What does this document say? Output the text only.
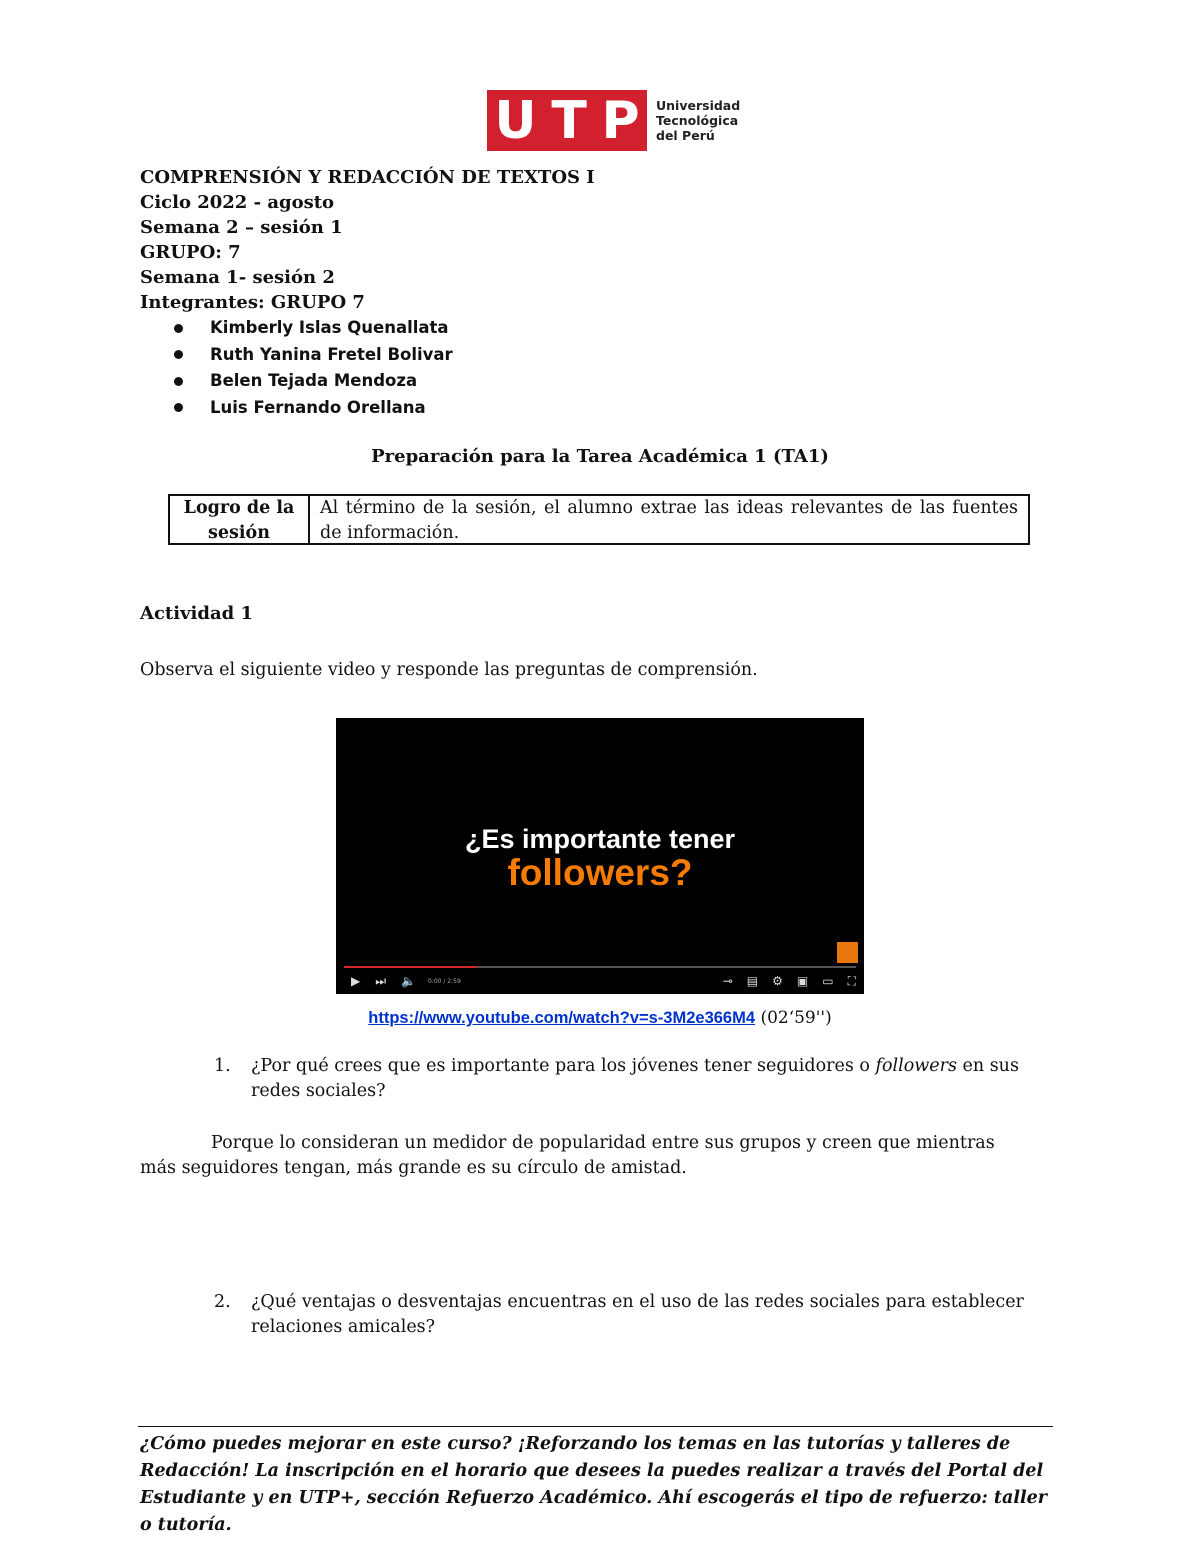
U T P Universidad
Tecnológica
del Perú
COMPRENSIÓN Y REDACCIÓN DE TEXTOS I
Ciclo 2022 - agosto
Semana 2 – sesión 1
GRUPO: 7
Semana 1- sesión 2
Integrantes: GRUPO 7
Kimberly Islas Quenallata
Ruth Yanina Fretel Bolivar
Belen Tejada Mendoza
Luis Fernando Orellana
Preparación para la Tarea Académica 1 (TA1)
Logro de la
sesión
Al término de la sesión, el alumno extrae las ideas relevantes de las fuentes de información.
Actividad 1
Observa el siguiente video y responde las preguntas de comprensión.
¿Es importante tener
followers?
▶ ⏭ 🔈 0:00 / 2:59	⊸ ▤ ⚙ ▣ ▭ ⛶
https://www.youtube.com/watch?v=s-3M2e366M4 (02‘59'')
1. ¿Por qué crees que es importante para los jóvenes tener seguidores o followers en sus redes sociales?
Porque lo consideran un medidor de popularidad entre sus grupos y creen que mientras más seguidores tengan, más grande es su círculo de amistad.
2. ¿Qué ventajas o desventajas encuentras en el uso de las redes sociales para establecer relaciones amicales?
¿Cómo puedes mejorar en este curso? ¡Reforzando los temas en las tutorías y talleres de Redacción! La inscripción en el horario que desees la puedes realizar a través del Portal del Estudiante y en UTP+, sección Refuerzo Académico. Ahí escogerás el tipo de refuerzo: taller o tutoría.
